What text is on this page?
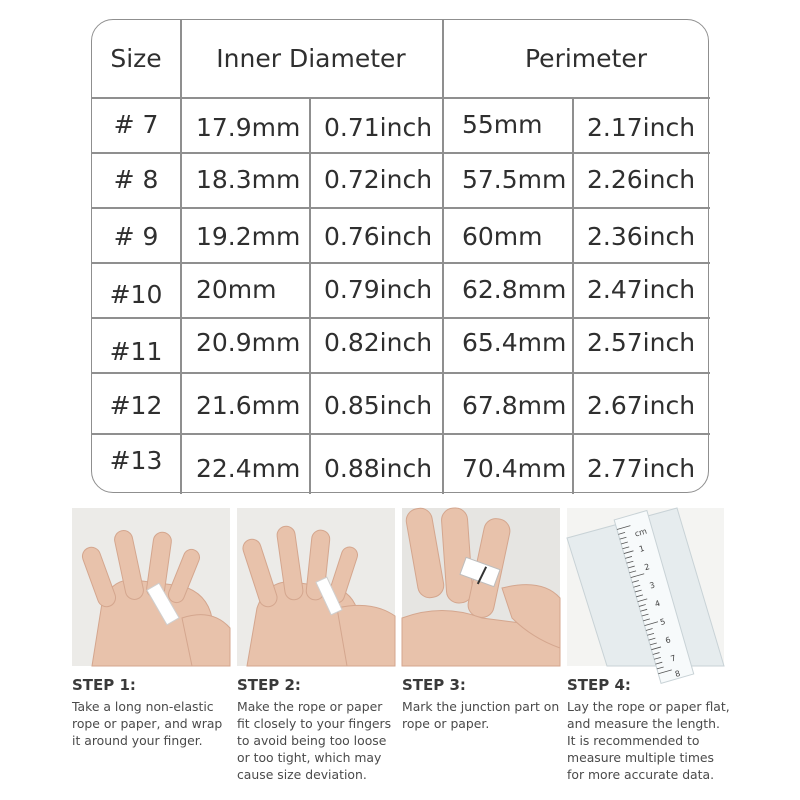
Size	Inner Diameter	Perimeter
# 7	17.9mm 0.71inch 55mm 2.17inch
# 8	18.3mm 0.72inch 57.5mm 2.26inch
# 9	19.2mm 0.76inch 60mm 2.36inch
#10	20mm 0.79inch 62.8mm 2.47inch
#11	20.9mm 0.82inch 65.4mm 2.57inch
#12	21.6mm 0.85inch 67.8mm 2.67inch
#13	22.4mm 0.88inch 70.4mm 2.77inch
1
2
3
4
5
6
7
8
cm
STEP 1:
Take a long non-elastic
rope or paper, and wrap
it around your finger.
STEP 2:
Make the rope or paper
fit closely to your fingers
to avoid being too loose
or too tight, which may
cause size deviation.
STEP 3:
Mark the junction part on
rope or paper.
STEP 4:
Lay the rope or paper flat,
and measure the length.
It is recommended to
measure multiple times
for more accurate data.
